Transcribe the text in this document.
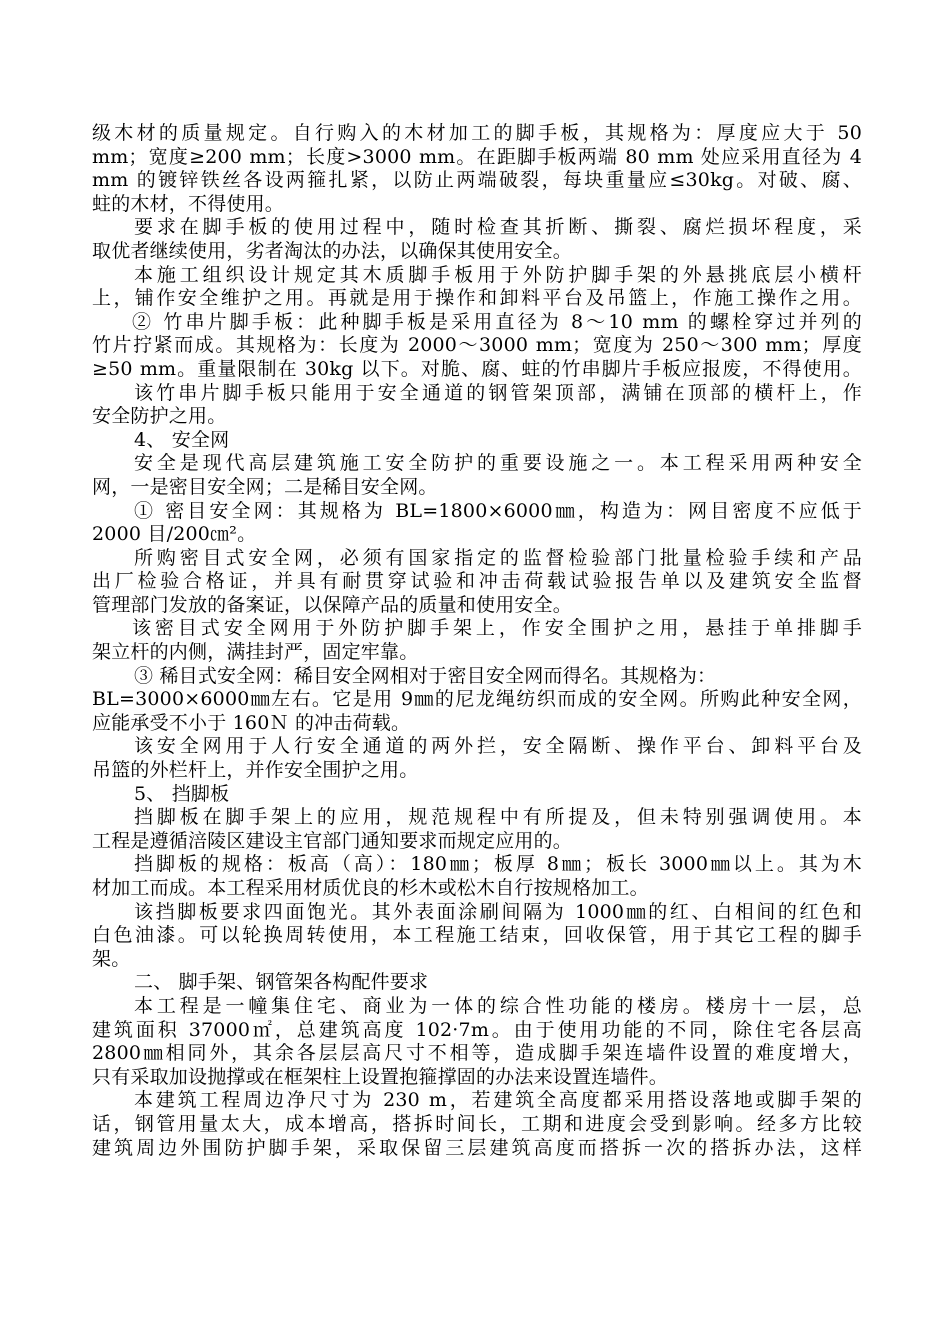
级木材的质量规定。自行购入的木材加工的脚手板，其规格为：厚度应大于 50
mm；宽度≥200 mm；长度>3000 mm。在距脚手板两端 80 mm 处应采用直径为 4
mm 的镀锌铁丝各设两箍扎紧，以防止两端破裂，每块重量应≤30kg。对破、腐、
蛀的木材，不得使用。
要求在脚手板的使用过程中，随时检查其折断、撕裂、腐烂损坏程度，采
取优者继续使用，劣者淘汰的办法，以确保其使用安全。
本施工组织设计规定其木质脚手板用于外防护脚手架的外悬挑底层小横杆
上，铺作安全维护之用。再就是用于操作和卸料平台及吊篮上，作施工操作之用。
② 竹串片脚手板：此种脚手板是采用直径为 8～10 mm 的螺栓穿过并列的
竹片拧紧而成。其规格为：长度为 2000～3000 mm；宽度为 250～300 mm；厚度
≥50 mm。重量限制在 30kg 以下。对脆、腐、蛀的竹串脚片手板应报废，不得使用。
该竹串片脚手板只能用于安全通道的钢管架顶部，满铺在顶部的横杆上，作
安全防护之用。
4、 安全网
安全是现代高层建筑施工安全防护的重要设施之一。本工程采用两种安全
网，一是密目安全网；二是稀目安全网。
① 密目安全网：其规格为 BL=1800×6000㎜，构造为：网目密度不应低于
2000 目/200㎝²。
所购密目式安全网，必须有国家指定的监督检验部门批量检验手续和产品
出厂检验合格证，并具有耐贯穿试验和冲击荷载试验报告单以及建筑安全监督
管理部门发放的备案证，以保障产品的质量和使用安全。
该密目式安全网用于外防护脚手架上，作安全围护之用，悬挂于单排脚手
架立杆的内侧，满挂封严，固定牢靠。
③ 稀目式安全网：稀目安全网相对于密目安全网而得名。其规格为：
BL=3000×6000㎜左右。它是用 9㎜的尼龙绳纺织而成的安全网。所购此种安全网，
应能承受不小于 160Ｎ 的冲击荷载。
该安全网用于人行安全通道的两外拦，安全隔断、操作平台、卸料平台及
吊篮的外栏杆上，并作安全围护之用。
5、 挡脚板
挡脚板在脚手架上的应用，规范规程中有所提及，但未特别强调使用。本
工程是遵循涪陵区建设主官部门通知要求而规定应用的。
挡脚板的规格：板高（高）：180㎜；板厚 8㎜；板长 3000㎜以上。其为木
材加工而成。本工程采用材质优良的杉木或松木自行按规格加工。
该挡脚板要求四面饱光。其外表面涂刷间隔为 1000㎜的红、白相间的红色和
白色油漆。可以轮换周转使用，本工程施工结束，回收保管，用于其它工程的脚手
架。
二、 脚手架、钢管架各构配件要求
本工程是一幢集住宅、商业为一体的综合性功能的楼房。楼房十一层，总
建筑面积 37000㎡，总建筑高度 102·7m。由于使用功能的不同，除住宅各层高
2800㎜相同外，其余各层层高尺寸不相等，造成脚手架连墙件设置的难度增大，
只有采取加设抛撑或在框架柱上设置抱箍撑固的办法来设置连墙件。
本建筑工程周边净尺寸为 230 m，若建筑全高度都采用搭设落地或脚手架的
话，钢管用量太大，成本增高，搭拆时间长，工期和进度会受到影响。经多方比较
建筑周边外围防护脚手架，采取保留三层建筑高度而搭拆一次的搭拆办法，这样
